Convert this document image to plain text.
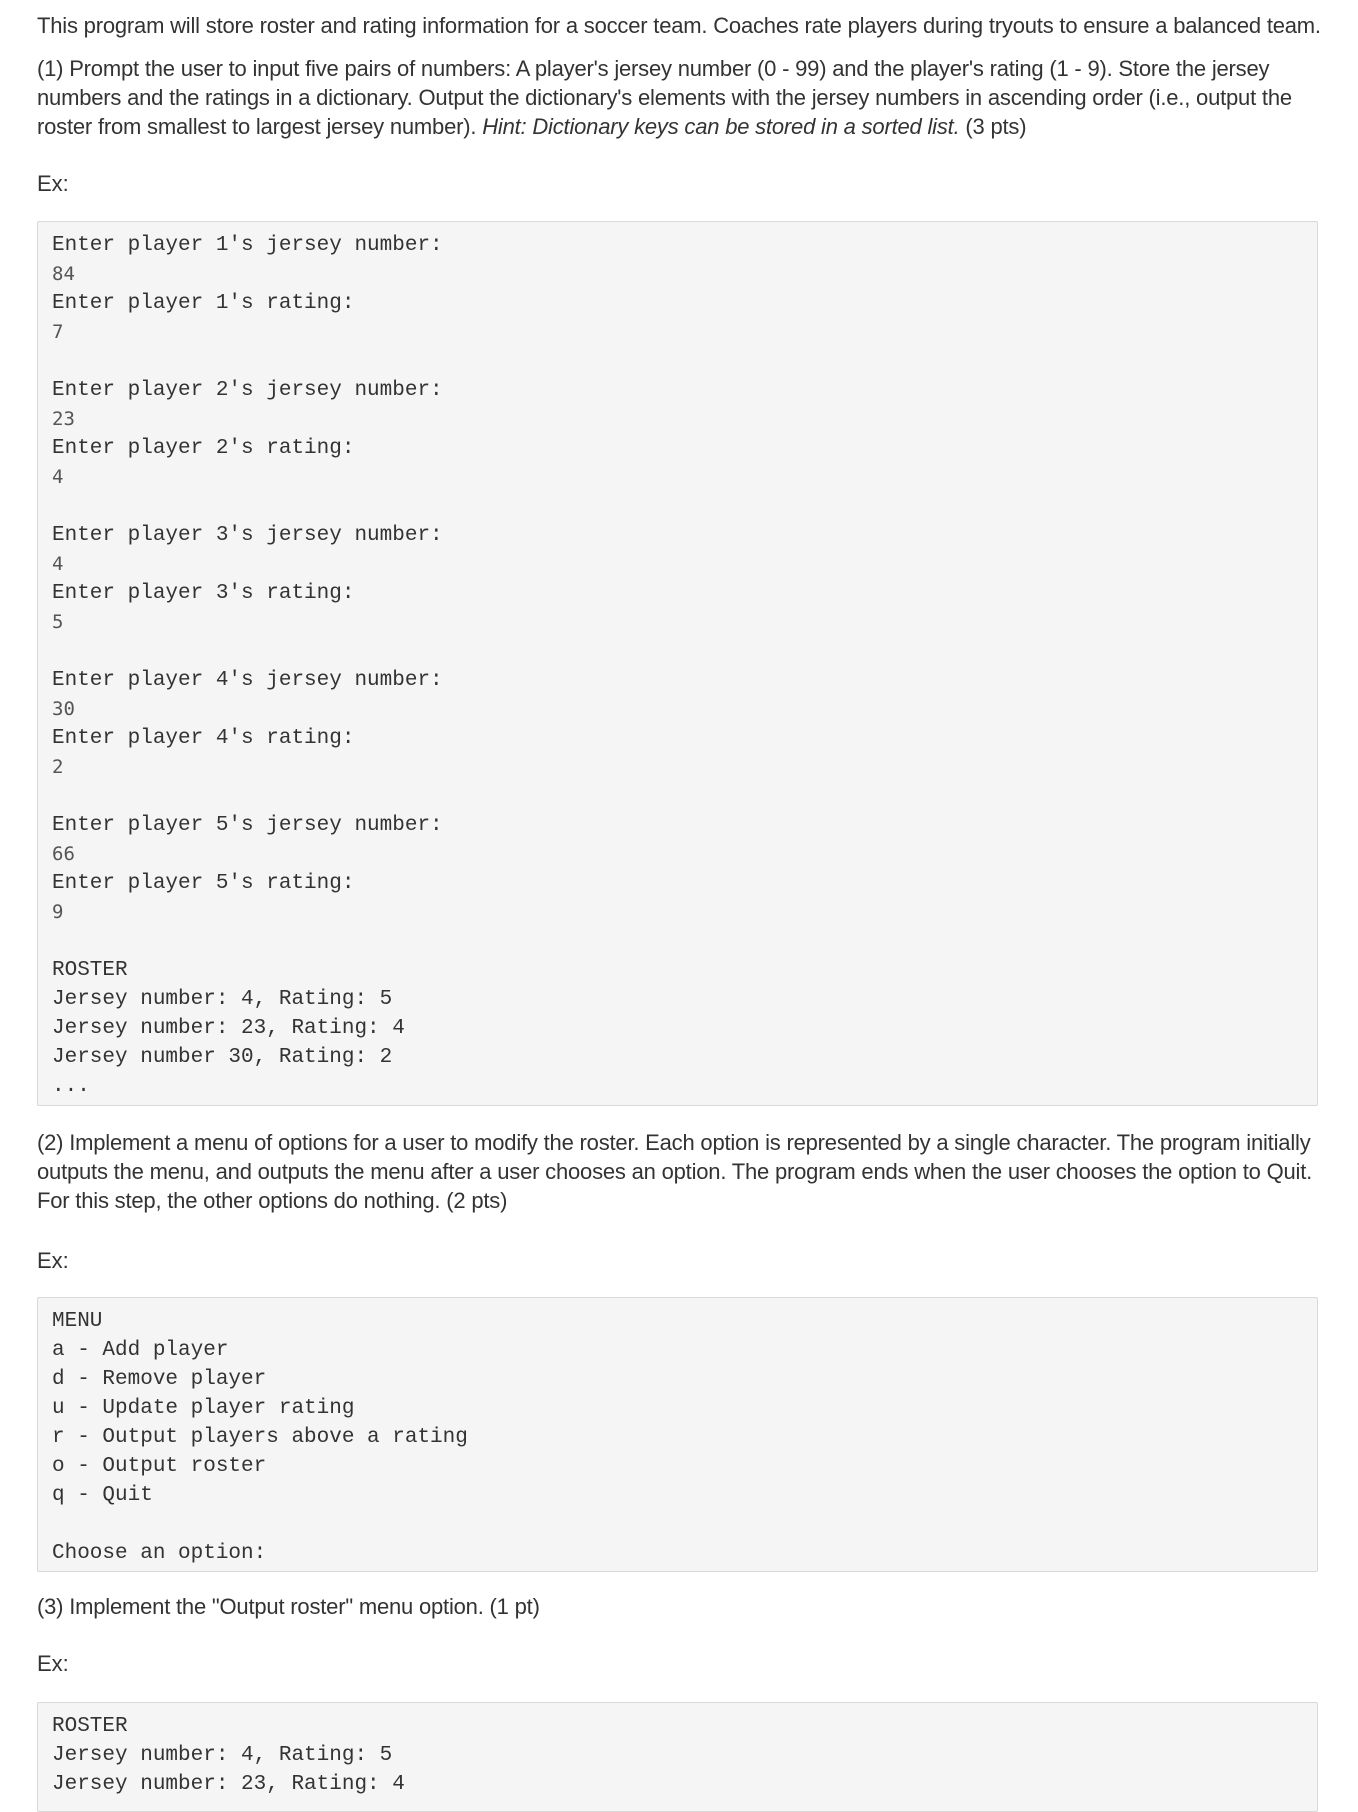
This program will store roster and rating information for a soccer team. Coaches rate players during tryouts to ensure a balanced team.

(1) Prompt the user to input five pairs of numbers: A player's jersey number (0 - 99) and the player's rating (1 - 9). Store the jersey numbers and the ratings in a dictionary. Output the dictionary's elements with the jersey numbers in ascending order (i.e., output the roster from smallest to largest jersey number). Hint: Dictionary keys can be stored in a sorted list. (3 pts)

Ex:

Enter player 1's jersey number:
84
Enter player 1's rating:
7
Enter player 2's jersey number:
23
Enter player 2's rating:
4
Enter player 3's jersey number:
4
Enter player 3's rating:
5
Enter player 4's jersey number:
30
Enter player 4's rating:
2
Enter player 5's jersey number:
66
Enter player 5's rating:
9
ROSTER
Jersey number: 4, Rating: 5
Jersey number: 23, Rating: 4
Jersey number 30, Rating: 2
...

(2) Implement a menu of options for a user to modify the roster. Each option is represented by a single character. The program initially outputs the menu, and outputs the menu after a user chooses an option. The program ends when the user chooses the option to Quit. For this step, the other options do nothing. (2 pts)

Ex:

MENU
a - Add player
d - Remove player
u - Update player rating
r - Output players above a rating
o - Output roster
q - Quit
Choose an option:

(3) Implement the "Output roster" menu option. (1 pt)

Ex:

ROSTER
Jersey number: 4, Rating: 5
Jersey number: 23, Rating: 4
